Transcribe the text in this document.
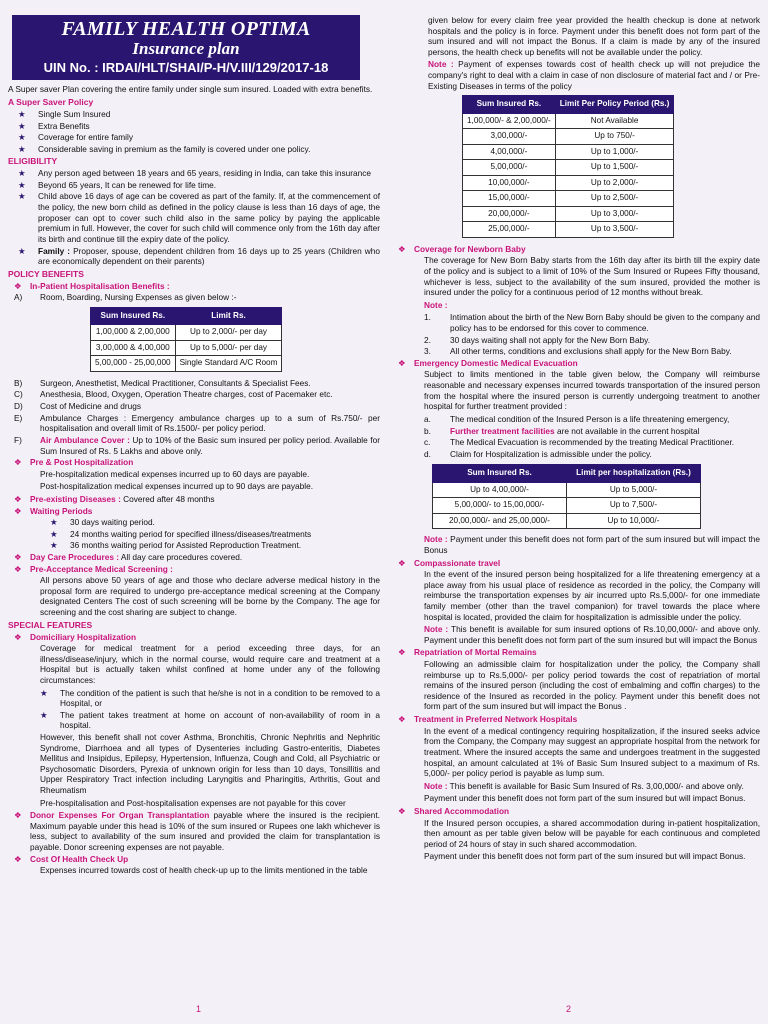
FAMILY HEALTH OPTIMA
Insurance plan
UIN No. : IRDAI/HLT/SHAI/P-H/V.III/129/2017-18

A Super saver Plan covering the entire family under single sum insured. Loaded with extra benefits.

A Super Saver Policy
★	Single Sum Insured
★	Extra Benefits
★	Coverage for entire family
★	Considerable saving in premium as the family is covered under one policy.
ELIGIBILITY
★	Any person aged between 18 years and 65 years, residing in India, can take this insurance
★	Beyond 65 years, It can be renewed for life time.
★	Child above 16 days of age can be covered as part of the family. If, at the commencement of the policy, the new born child as defined in the policy clause is less than 16 days of age, the proposer can opt to cover such child also in the same policy by paying the applicable premium in full. However, the cover for such child will commence only from the 16th day after its birth and continue till the expiry date of the policy.
★	Family : Proposer, spouse, dependent children from 16 days up to 25 years (Children who are economically dependent on their parents)
POLICY BENEFITS
❖	In-Patient Hospitalisation Benefits :
A)	Room, Boarding, Nursing Expenses as given below :-
Sum Insured Rs.	Limit Rs.
1,00,000 & 2,00,000	Up to 2,000/- per day
3,00,000 & 4,00,000	Up to 5,000/- per day
5,00,000 - 25,00,000	Single Standard A/C Room
B)	Surgeon, Anesthetist, Medical Practitioner, Consultants & Specialist Fees.
C)	Anesthesia, Blood, Oxygen, Operation Theatre charges, cost of Pacemaker etc.
D)	Cost of Medicine and drugs
E)	Ambulance Charges : Emergency ambulance charges up to a sum of Rs.750/- per hospitalisation and overall limit of Rs.1500/- per policy period.
F)	Air Ambulance Cover : Up to 10% of the Basic sum insured per policy period. Available for Sum Insured of Rs. 5 Lakhs and above only.
❖	Pre & Post Hospitalization

Pre-hospitalization medical expenses incurred up to 60 days are payable.

Post-hospitalization medical expenses incurred up to 90 days are payable.

❖	Pre-existing Diseases : Covered after 48 months
❖	Waiting Periods
★	30 days waiting period.
★	24 months waiting period for specified illness/diseases/treatments
★	36 months waiting period for Assisted Reproduction Treatment.
❖	Day Care Procedures : All day care procedures covered.
❖	Pre-Acceptance Medical Screening :

All persons above 50 years of age and those who declare adverse medical history in the proposal form are required to undergo pre-acceptance medical screening at the Company designated Centers The cost of such screening will be borne by the Company. The age for screening and the cost sharing are subject to change.

SPECIAL FEATURES
❖	Domiciliary Hospitalization

Coverage for medical treatment for a period exceeding three days, for an illness/disease/injury, which in the normal course, would require care and treatment at a Hospital but is actually taken whilst confined at home under any of the following circumstances:

★	The condition of the patient is such that he/she is not in a condition to be removed to a Hospital, or
★	The patient takes treatment at home on account of non-availability of room in a hospital.

However, this benefit shall not cover Asthma, Bronchitis, Chronic Nephritis and Nephritic Syndrome, Diarrhoea and all types of Dysenteries including Gastro-enteritis, Diabetes Mellitus and Insipidus, Epilepsy, Hypertension, Influenza, Cough and Cold, all Psychiatric or Psychosomatic Disorders, Pyrexia of unknown origin for less than 10 days, Tonsillitis and Upper Respiratory Tract infection including Laryngitis and Pharingitis, Arthritis, Gout and Rheumatism

Pre-hospitalisation and Post-hospitalisation expenses are not payable for this cover

❖	Donor Expenses For Organ Transplantation payable where the insured is the recipient. Maximum payable under this head is 10% of the sum insured or Rupees one lakh whichever is less, subject to availability of the sum insured and provided the claim for transplantation is payable. Donor screening expenses are not payable.
❖	Cost Of Health Check Up

Expenses incurred towards cost of health check-up up to the limits mentioned in the table

given below for every claim free year provided the health checkup is done at network hospitals and the policy is in force. Payment under this benefit does not form part of the sum insured and will not impact the Bonus. If a claim is made by any of the insured persons, the health check up benefits will not be available under the policy.

Note : Payment of expenses towards cost of health check up will not prejudice the company's right to deal with a claim in case of non disclosure of material fact and / or Pre-Existing Diseases in terms of the policy

Sum Insured Rs.	Limit Per Policy Period (Rs.)
1,00,000/- & 2,00,000/-	Not Available
3,00,000/-	Up to 750/-
4,00,000/-	Up to 1,000/-
5,00,000/-	Up to 1,500/-
10,00,000/-	Up to 2,000/-
15,00,000/-	Up to 2,500/-
20,00,000/-	Up to 3,000/-
25,00,000/-	Up to 3,500/-
❖	Coverage for Newborn Baby

The coverage for New Born Baby starts from the 16th day after its birth till the expiry date of the policy and is subject to a limit of 10% of the Sum Insured or Rupees Fifty thousand, whichever is less, subject to the availability of the sum insured, provided the mother is insured under the policy for a continuous period of 12 months without break.

Note :

1.	Intimation about the birth of the New Born Baby should be given to the company and policy has to be endorsed for this cover to commence.
2.	30 days waiting shall not apply for the New Born Baby.
3.	All other terms, conditions and exclusions shall apply for the New Born Baby.
❖	Emergency Domestic Medical Evacuation

Subject to limits mentioned in the table given below, the Company will reimburse reasonable and necessary expenses incurred towards transportation of the insured person from the hospital where the insured person is currently undergoing treatment to another hospital for further treatment provided :

a.	The medical condition of the Insured Person is a life threatening emergency,
b.	Further treatment facilities are not available in the current hospital
c.	The Medical Evacuation is recommended by the treating Medical Practitioner.
d.	Claim for Hospitalization is admissible under the policy.
Sum Insured Rs.	Limit per hospitalization (Rs.)
Up to 4,00,000/-	Up to 5,000/-
5,00,000/- to 15,00,000/-	Up to 7,500/-
20,00,000/- and 25,00,000/-	Up to 10,000/-

Note : Payment under this benefit does not form part of the sum insured but will impact the Bonus

❖	Compassionate travel

In the event of the insured person being hospitalized for a life threatening emergency at a place away from his usual place of residence as recorded in the policy, the Company will reimburse the transportation expenses by air incurred upto Rs.5,000/- for one immediate family member (other than the travel companion) for travel towards the place where hospital is located, provided the claim for hospitalization is admissible under the policy.

Note : This benefit is available for sum insured options of Rs.10,00,000/- and above only. Payment under this benefit does not form part of the sum insured but will impact the Bonus

❖	Repatriation of Mortal Remains

Following an admissible claim for hospitalization under the policy, the Company shall reimburse up to Rs.5,000/- per policy period towards the cost of repatriation of mortal remains of the insured person (including the cost of embalming and coffin charges) to the residence of the Insured as recorded in the policy. Payment under this benefit does not form part of the sum insured but will impact the Bonus .

❖	Treatment in Preferred Network Hospitals

In the event of a medical contingency requiring hospitalization, if the insured seeks advice from the Company, the Company may suggest an appropriate hospital from the network for treatment. Where the insured accepts the same and undergoes treatment in the suggested hospital, an amount calculated at 1% of Basic Sum Insured subject to a maximum of Rs. 5,000/- per policy period is payable as lump sum.

Note : This benefit is available for Basic Sum Insured of Rs. 3,00,000/- and above only.

Payment under this benefit does not form part of the sum insured but will impact Bonus.

❖	Shared Accommodation

If the Insured person occupies, a shared accommodation during in-patient hospitalization, then amount as per table given below will be payable for each continuous and completed period of 24 hours of stay in such shared accommodation.

Payment under this benefit does not form part of the sum insured but will impact Bonus.

1	2
